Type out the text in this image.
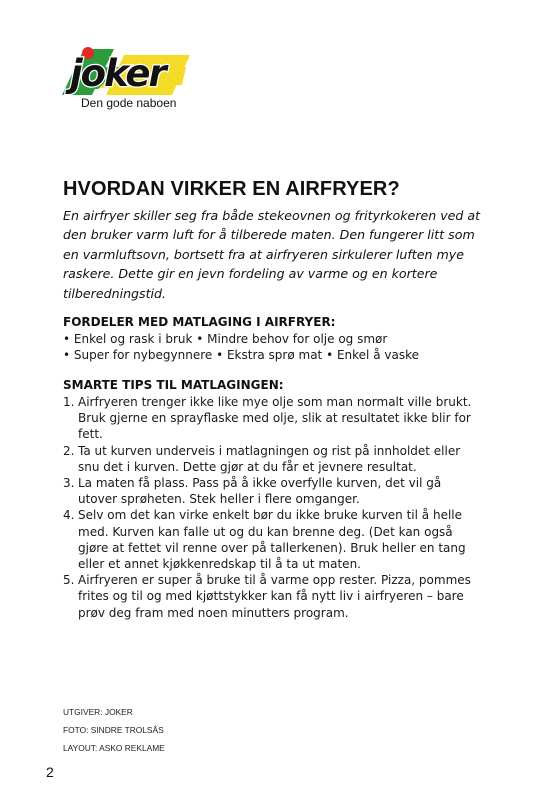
joker
Den gode naboen
HVORDAN VIRKER EN AIRFRYER?

En airfryer skiller seg fra både stekeovnen og frityrkokeren ved at den bruker varm luft for å tilberede maten. Den fungerer litt som en varmluftsovn, bortsett fra at airfryeren sirkulerer luften mye raskere. Dette gir en jevn fordeling av varme og en kortere tilberedningstid.

FORDELER MED MATLAGING I AIRFRYER:
• Enkel og rask i bruk • Mindre behov for olje og smør
• Super for nybegynnere • Ekstra sprø mat • Enkel å vaske
SMARTE TIPS TIL MATLAGINGEN:
1. Airfryeren trenger ikke like mye olje som man normalt ville brukt. Bruk gjerne en sprayflaske med olje, slik at resultatet ikke blir for fett.
2. Ta ut kurven underveis i matlagningen og rist på innholdet eller snu det i kurven. Dette gjør at du får et jevnere resultat.
3. La maten få plass. Pass på å ikke overfylle kurven, det vil gå utover sprøheten. Stek heller i flere omganger.
4. Selv om det kan virke enkelt bør du ikke bruke kurven til å helle med. Kurven kan falle ut og du kan brenne deg. (Det kan også gjøre at fettet vil renne over på tallerkenen). Bruk heller en tang eller et annet kjøkkenredskap til å ta ut maten.
5. Airfryeren er super å bruke til å varme opp rester. Pizza, pommes frites og til og med kjøttstykker kan få nytt liv i airfryeren – bare prøv deg fram med noen minutters program.
UTGIVER: JOKER
FOTO: SINDRE TROLSÅS
LAYOUT: ASKO REKLAME
2
